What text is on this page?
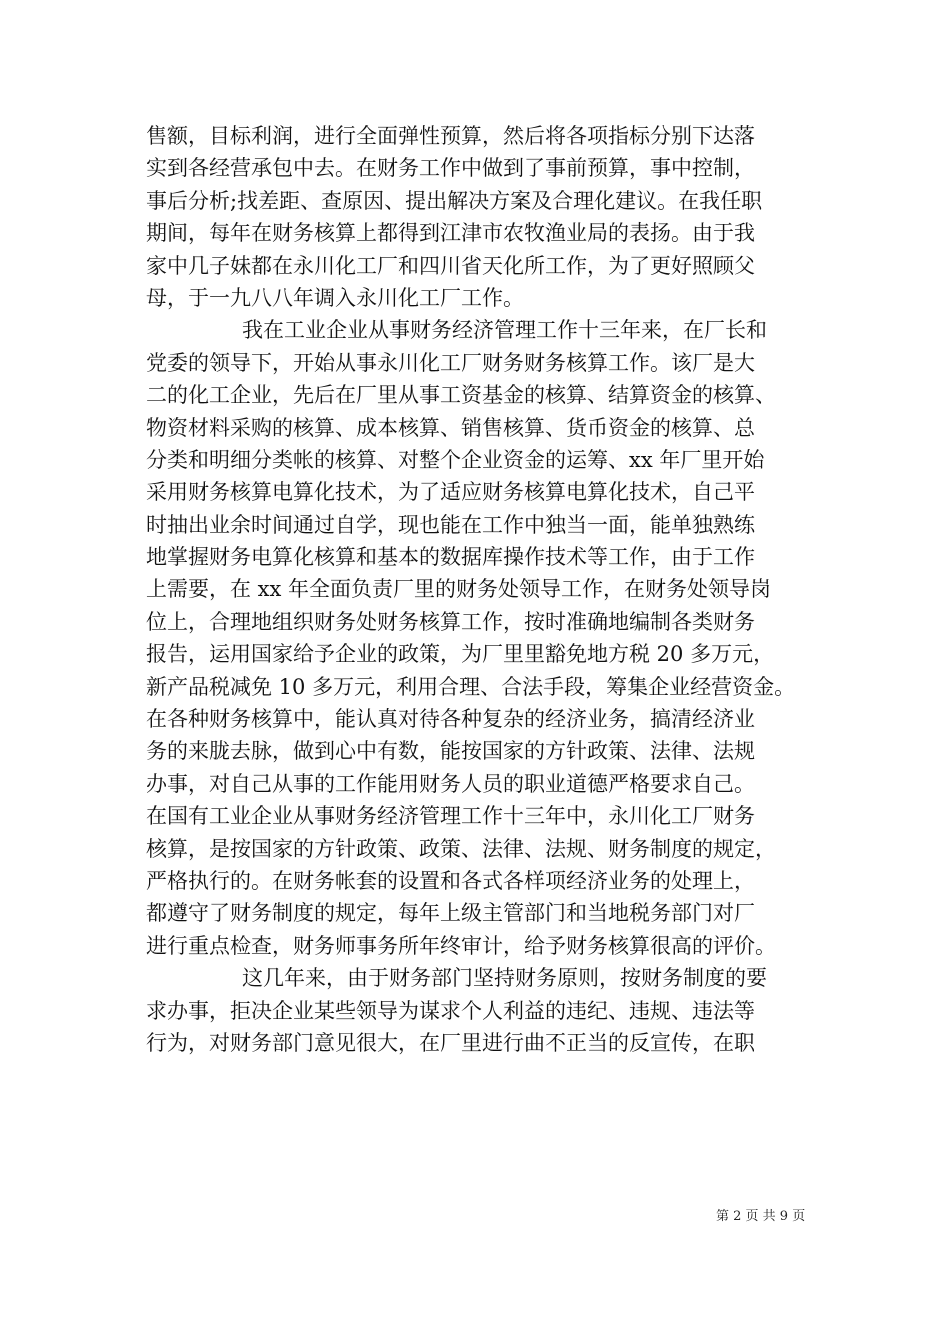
售额，目标利润，进行全面弹性预算，然后将各项指标分别下达落
实到各经营承包中去。在财务工作中做到了事前预算，事中控制，
事后分析;找差距、查原因、提出解决方案及合理化建议。在我任职
期间，每年在财务核算上都得到江津市农牧渔业局的表扬。由于我
家中几子妹都在永川化工厂和四川省天化所工作，为了更好照顾父
母，于一九八八年调入永川化工厂工作。
我在工业企业从事财务经济管理工作十三年来，在厂长和
党委的领导下，开始从事永川化工厂财务财务核算工作。该厂是大
二的化工企业，先后在厂里从事工资基金的核算、结算资金的核算、
物资材料采购的核算、成本核算、销售核算、货币资金的核算、总
分类和明细分类帐的核算、对整个企业资金的运筹、xx 年厂里开始
采用财务核算电算化技术，为了适应财务核算电算化技术，自己平
时抽出业余时间通过自学，现也能在工作中独当一面，能单独熟练
地掌握财务电算化核算和基本的数据库操作技术等工作，由于工作
上需要，在 xx 年全面负责厂里的财务处领导工作，在财务处领导岗
位上，合理地组织财务处财务核算工作，按时准确地编制各类财务
报告，运用国家给予企业的政策，为厂里里豁免地方税 20 多万元，
新产品税减免 10 多万元，利用合理、合法手段，筹集企业经营资金。
在各种财务核算中，能认真对待各种复杂的经济业务，搞清经济业
务的来胧去脉，做到心中有数，能按国家的方针政策、法律、法规
办事，对自己从事的工作能用财务人员的职业道德严格要求自己。
在国有工业企业从事财务经济管理工作十三年中，永川化工厂财务
核算，是按国家的方针政策、政策、法律、法规、财务制度的规定，
严格执行的。在财务帐套的设置和各式各样项经济业务的处理上，
都遵守了财务制度的规定，每年上级主管部门和当地税务部门对厂
进行重点检查，财务师事务所年终审计，给予财务核算很高的评价。
这几年来，由于财务部门坚持财务原则，按财务制度的要
求办事，拒决企业某些领导为谋求个人利益的违纪、违规、违法等
行为，对财务部门意见很大，在厂里进行曲不正当的反宣传，在职
第 2 页 共 9 页
